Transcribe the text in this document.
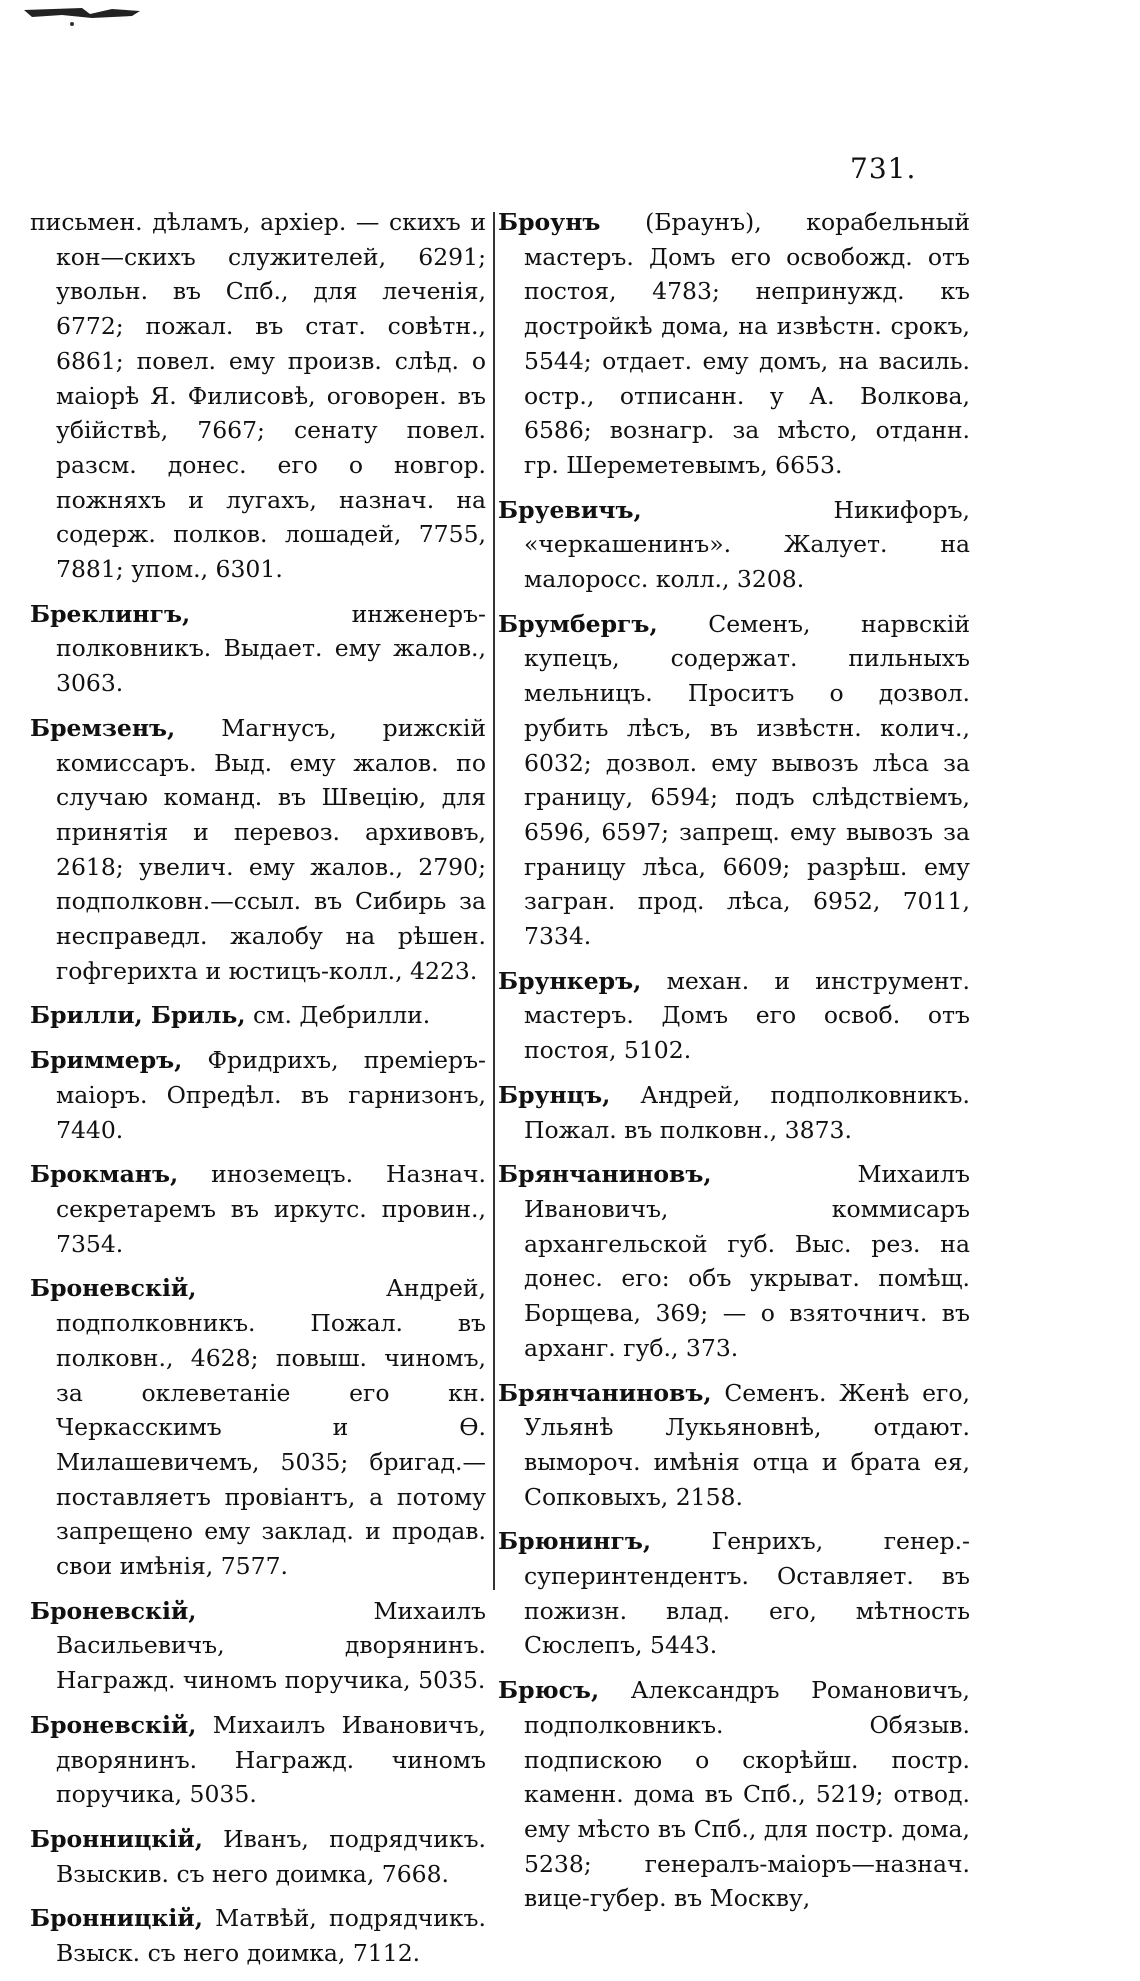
731.

письмен. дѣламъ, архiер. — скихъ и кон—скихъ служителей, 6291; увольн. въ Спб., для леченiя, 6772; пожал. въ стат. совѣтн., 6861; повел. ему произв. слѣд. о маiорѣ Я. Филисовѣ, оговорен. въ убiйствѣ, 7667; сенату повел. разсм. донес. его о новгор. пожняхъ и лугахъ, назнач. на содерж. полков. лошадей, 7755, 7881; упом., 6301.

Бреклингъ,	инженеръ-полковникъ. Выдает. ему жалов., 3063.

Бремзенъ, Магнусъ, рижскiй комиссаръ. Выд. ему жалов. по случаю команд. въ Швецiю, для принятiя и перевоз. архивовъ, 2618; увелич. ему жалов., 2790; подполковн.—ссыл. въ Сибирь за несправедл. жалобу на рѣшен. гофгерихта и юстицъ-колл., 4223.

Брилли, Бриль, см. Дебрилли.

Бриммеръ, Фридрихъ, премiеръ-маiоръ. Опредѣл. въ гарнизонъ, 7440.

Брокманъ, иноземецъ. Назнач. секретаремъ въ иркутс. провин., 7354.

Броневскiй,	Андрей, подполковникъ. Пожал. въ полковн., 4628; повыш. чиномъ, за оклеветанiе его кн. Черкасскимъ и Ѳ. Милашевичемъ, 5035; бригад.—поставляетъ провiантъ, а потому запрещено ему заклад. и продав. свои имѣнiя, 7577.

Броневскiй,	Михаилъ Васильевичъ, дворянинъ. Награжд. чиномъ поручика, 5035.

Броневскiй, Михаилъ Ивановичъ, дворянинъ. Награжд. чиномъ поручика, 5035.

Бронницкiй, Иванъ, подрядчикъ. Взыскив. съ него доимка, 7668.

Бронницкiй, Матвѣй, подрядчикъ. Взыск. съ него доимка, 7112.

Броунъ (Браунъ), корабельный мастеръ. Домъ его освобожд. отъ постоя, 4783; непринужд. къ достройкѣ дома, на извѣстн. срокъ, 5544; отдает. ему домъ, на василь. остр., отписанн. у А. Волкова, 6586; вознагр. за мѣсто, отданн. гр. Шереметевымъ, 6653.

Бруевичъ,	Никифоръ, «черкашенинъ». Жалует. на малоросс. колл., 3208.

Брумбергъ, Семенъ, нарвскiй купецъ, содержат. пильныхъ мельницъ. Проситъ о дозвол. рубить лѣсъ, въ извѣстн. колич., 6032; дозвол. ему вывозъ лѣса за границу, 6594; подъ слѣдствiемъ, 6596, 6597; запрещ. ему вывозъ за границу лѣса, 6609; разрѣш. ему загран. прод. лѣса, 6952, 7011, 7334.

Брункеръ, механ. и инструмент. мастеръ. Домъ его освоб. отъ постоя, 5102.

Брунцъ, Андрей, подполковникъ. Пожал. въ полковн., 3873.

Брянчаниновъ,	Михаилъ Ивановичъ, коммисаръ архангельской губ. Выс. рез. на донес. его: объ укрыват. помѣщ. Борщева, 369; — о взяточнич. въ арханг. губ., 373.

Брянчаниновъ, Семенъ. Женѣ его, Ульянѣ Лукьяновнѣ, отдают. вымороч. имѣнiя отца и брата ея, Сопковыхъ, 2158.

Брюнингъ,	Генрихъ, генер.-суперинтендентъ. Оставляет. въ пожизн. влад. его, мѣтность Сюслепъ, 5443.

Брюсъ, Александръ Романовичъ, подполковникъ. Обязыв. подпискою о скорѣйш. постр. каменн. дома въ Спб., 5219; отвод. ему мѣсто въ Спб., для постр. дома, 5238; генералъ-маiоръ—назнач. вице-губер. въ Москву,
